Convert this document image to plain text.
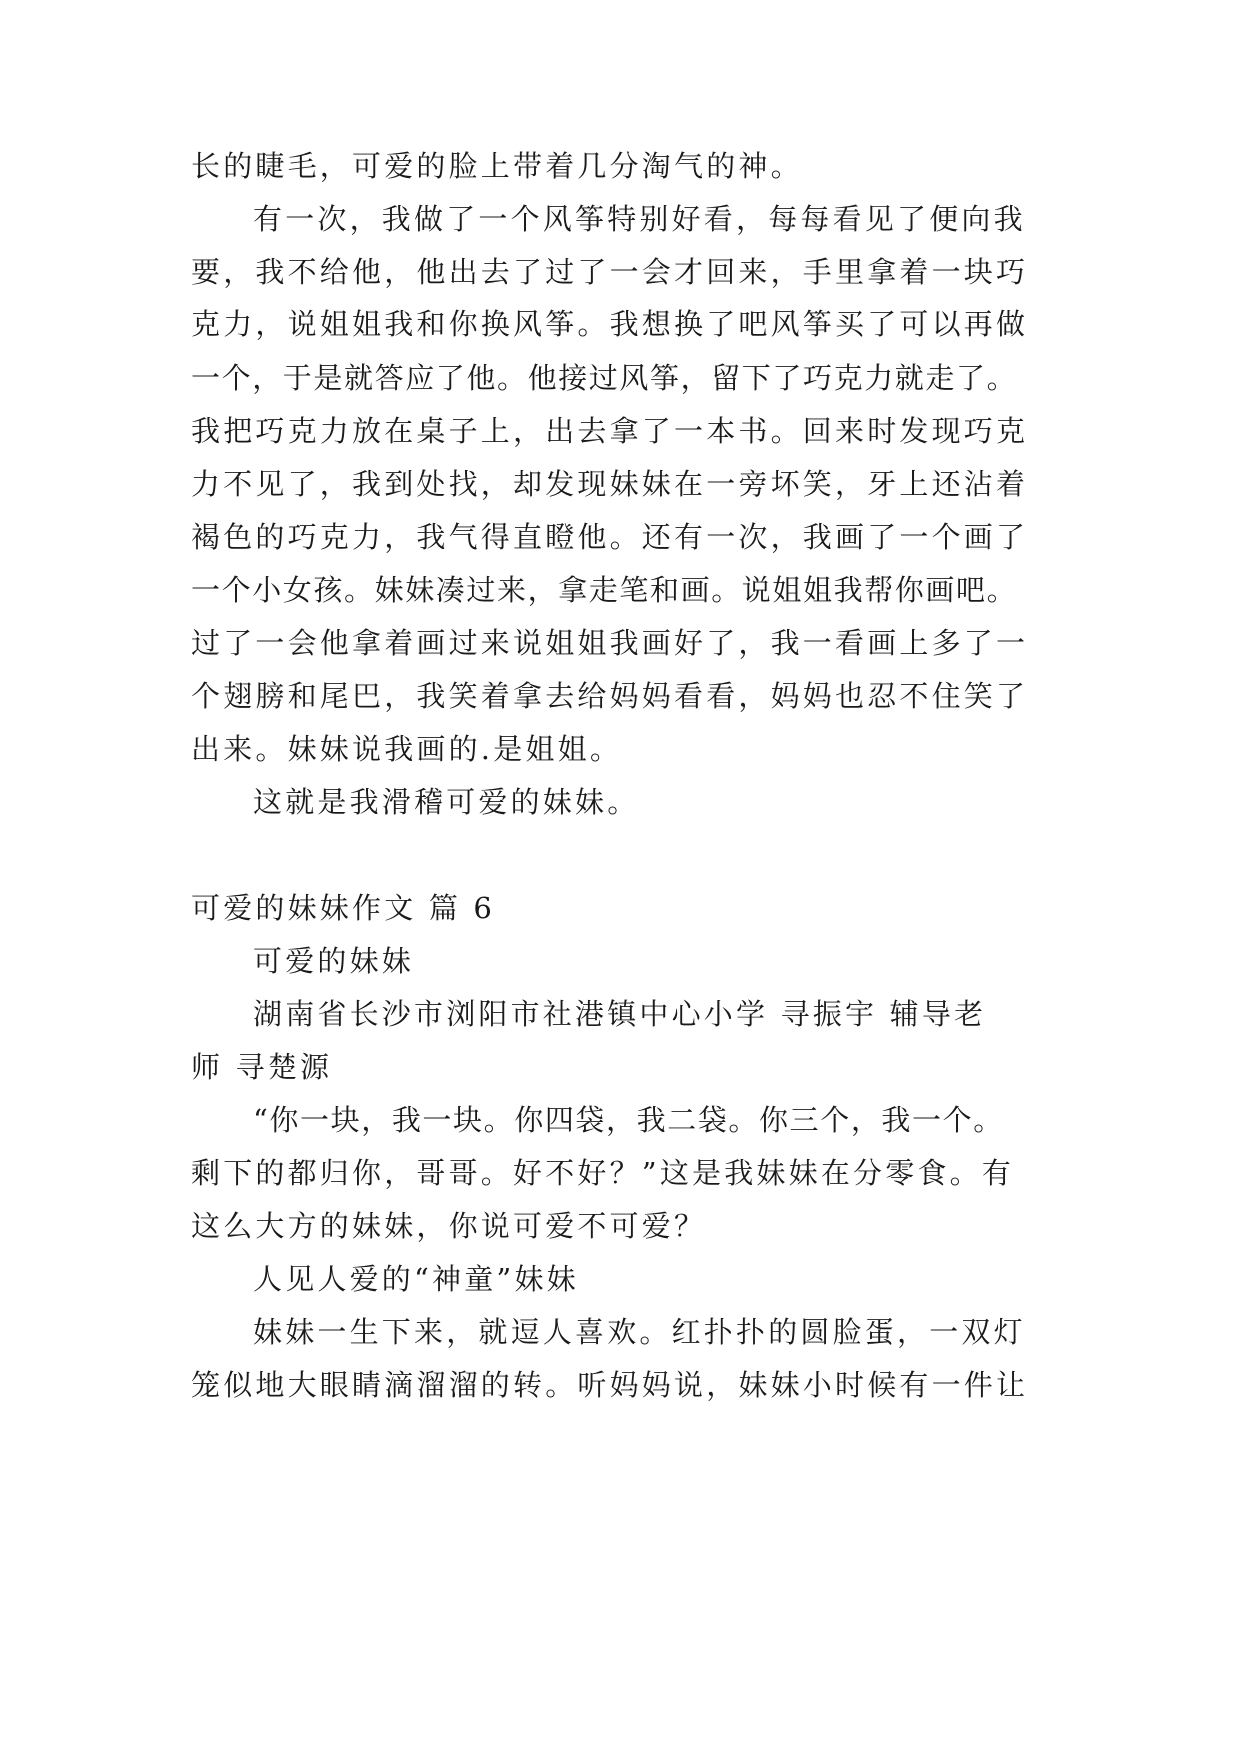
长的睫毛，可爱的脸上带着几分淘气的神。
有一次，我做了一个风筝特别好看，每每看见了便向我
要，我不给他，他出去了过了一会才回来，手里拿着一块巧
克力，说姐姐我和你换风筝。我想换了吧风筝买了可以再做
一个，于是就答应了他。他接过风筝，留下了巧克力就走了。
我把巧克力放在桌子上，出去拿了一本书。回来时发现巧克
力不见了，我到处找，却发现妹妹在一旁坏笑，牙上还沾着
褐色的巧克力，我气得直瞪他。还有一次，我画了一个画了
一个小女孩。妹妹凑过来，拿走笔和画。说姐姐我帮你画吧。
过了一会他拿着画过来说姐姐我画好了，我一看画上多了一
个翅膀和尾巴，我笑着拿去给妈妈看看，妈妈也忍不住笑了
出来。妹妹说我画的.是姐姐。
这就是我滑稽可爱的妹妹。
可爱的妹妹作文 篇 6
可爱的妹妹
湖南省长沙市浏阳市社港镇中心小学 寻振宇 辅导老
师 寻楚源
“你一块，我一块。你四袋，我二袋。你三个，我一个。
剩下的都归你，哥哥。好不好？”这是我妹妹在分零食。有
这么大方的妹妹，你说可爱不可爱？
人见人爱的“神童”妹妹
妹妹一生下来，就逗人喜欢。红扑扑的圆脸蛋，一双灯
笼似地大眼睛滴溜溜的转。听妈妈说，妹妹小时候有一件让
